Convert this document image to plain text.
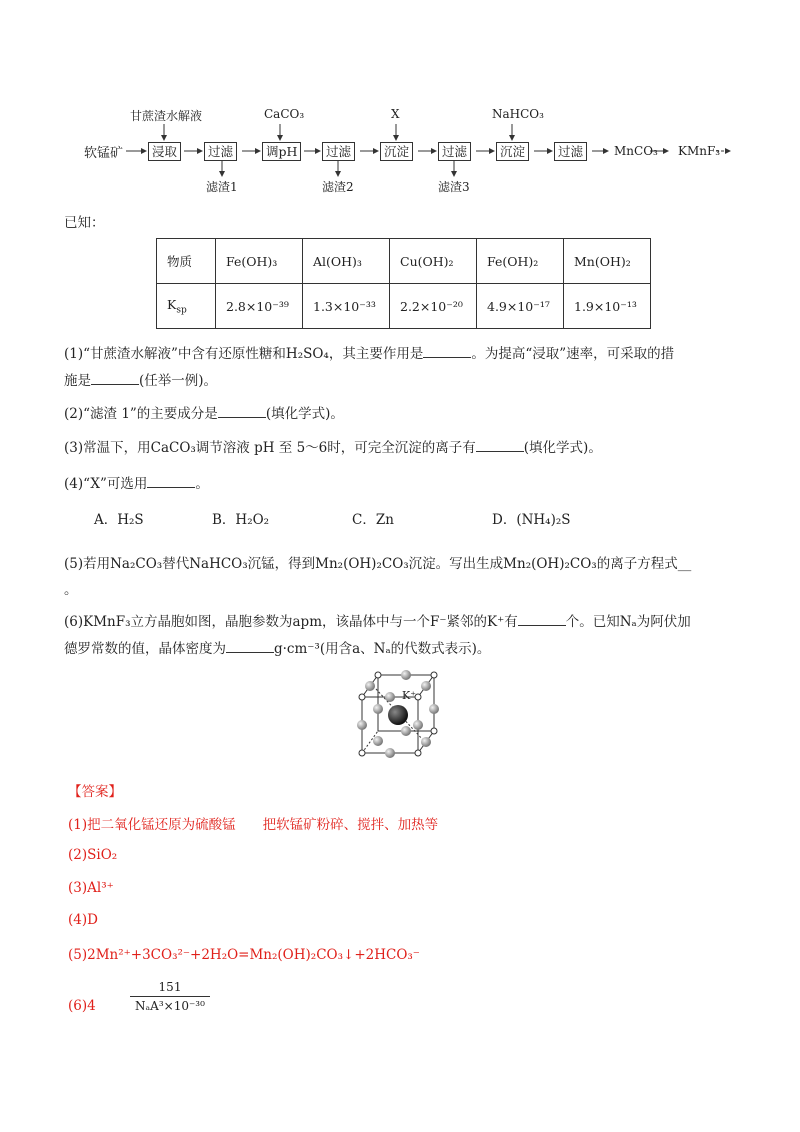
软锰矿
甘蔗渣水解液	CaCO₃	X	NaHCO₃
浸取	过滤	调pH	过滤	沉淀	过滤	沉淀	过滤
滤渣1	滤渣2	滤渣3
MnCO₃ KMnF₃
已知：
物质	Fe(OH)₃	Al(OH)₃	Cu(OH)₂	Fe(OH)₂	Mn(OH)₂
$K_{sp}$	2.8×10⁻³⁹	1.3×10⁻³³	2.2×10⁻²⁰	4.9×10⁻¹⁷	1.9×10⁻¹³
(1)“甘蔗渣水解液”中含有还原性糖和H₂SO₄，其主要作用是	。为提高“浸取”速率，可采取的措
施是	(任举一例)。
(2)“滤渣 1”的主要成分是	(填化学式)。
(3)常温下，用CaCO₃调节溶液 pH 至 5～6时，可完全沉淀的离子有	(填化学式)。
(4)“X”可选用	。
A．H₂S	B．H₂O₂	C．Zn	D．(NH₄)₂S
(5)若用Na₂CO₃替代NaHCO₃沉锰，得到Mn₂(OH)₂CO₃沉淀。写出生成Mn₂(OH)₂CO₃的离子方程式__
。
(6)KMnF₃立方晶胞如图，晶胞参数为apm，该晶体中与一个F⁻紧邻的K⁺有	个。已知Nₐ为阿伏加
德罗常数的值，晶体密度为	g·cm⁻³(用含a、Nₐ的代数式表示)。
K⁺
【答案】
(1)把二氧化锰还原为硫酸锰　　把软锰矿粉碎、搅拌、加热等
(2)SiO₂
(3)Al³⁺
(4)D
(5)2Mn²⁺+3CO₃²⁻+2H₂O=Mn₂(OH)₂CO₃↓+2HCO₃⁻
(6)4
151
NₐA³×10⁻³⁰
